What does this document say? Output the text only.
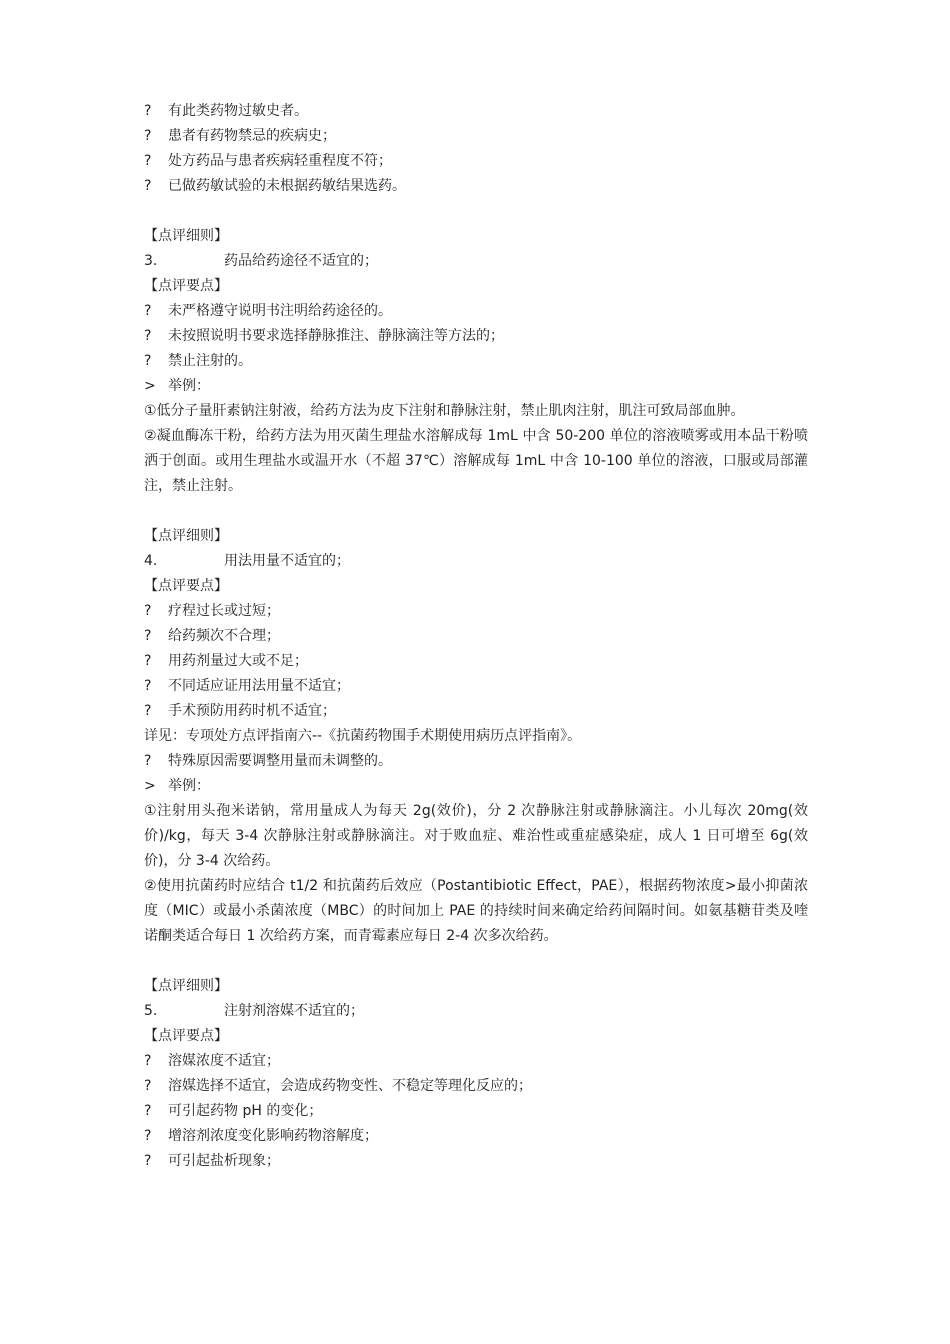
? 有此类药物过敏史者。
? 患者有药物禁忌的疾病史；
? 处方药品与患者疾病轻重程度不符；
? 已做药敏试验的未根据药敏结果选药。
【点评细则】
3.	药品给药途径不适宜的；
【点评要点】
? 未严格遵守说明书注明给药途径的。
? 未按照说明书要求选择静脉推注、静脉滴注等方法的；
? 禁止注射的。
> 举例：
①低分子量肝素钠注射液，给药方法为皮下注射和静脉注射，禁止肌肉注射，肌注可致局部血肿。
②凝血酶冻干粉，给药方法为用灭菌生理盐水溶解成每 1mL 中含 50-200 单位的溶液喷雾或用本品干粉喷洒于创面。或用生理盐水或温开水（不超 37℃）溶解成每 1mL 中含 10-100 单位的溶液，口服或局部灌注，禁止注射。
【点评细则】
4.	用法用量不适宜的；
【点评要点】
? 疗程过长或过短；
? 给药频次不合理；
? 用药剂量过大或不足；
? 不同适应证用法用量不适宜；
? 手术预防用药时机不适宜；
详见：专项处方点评指南六--《抗菌药物围手术期使用病历点评指南》。
? 特殊原因需要调整用量而未调整的。
> 举例：
①注射用头孢米诺钠，常用量成人为每天 2g(效价)，分 2 次静脉注射或静脉滴注。小儿每次 20mg(效价)/kg，每天 3-4 次静脉注射或静脉滴注。对于败血症、难治性或重症感染症，成人 1 日可增至 6g(效价)，分 3-4 次给药。
②使用抗菌药时应结合 t1/2 和抗菌药后效应（Postantibiotic Effect，PAE），根据药物浓度>最小抑菌浓度（MIC）或最小杀菌浓度（MBC）的时间加上 PAE 的持续时间来确定给药间隔时间。如氨基糖苷类及喹诺酮类适合每日 1 次给药方案，而青霉素应每日 2-4 次多次给药。
【点评细则】
5.	注射剂溶媒不适宜的；
【点评要点】
? 溶媒浓度不适宜；
? 溶媒选择不适宜，会造成药物变性、不稳定等理化反应的；
? 可引起药物 pH 的变化；
? 增溶剂浓度变化影响药物溶解度；
? 可引起盐析现象；
